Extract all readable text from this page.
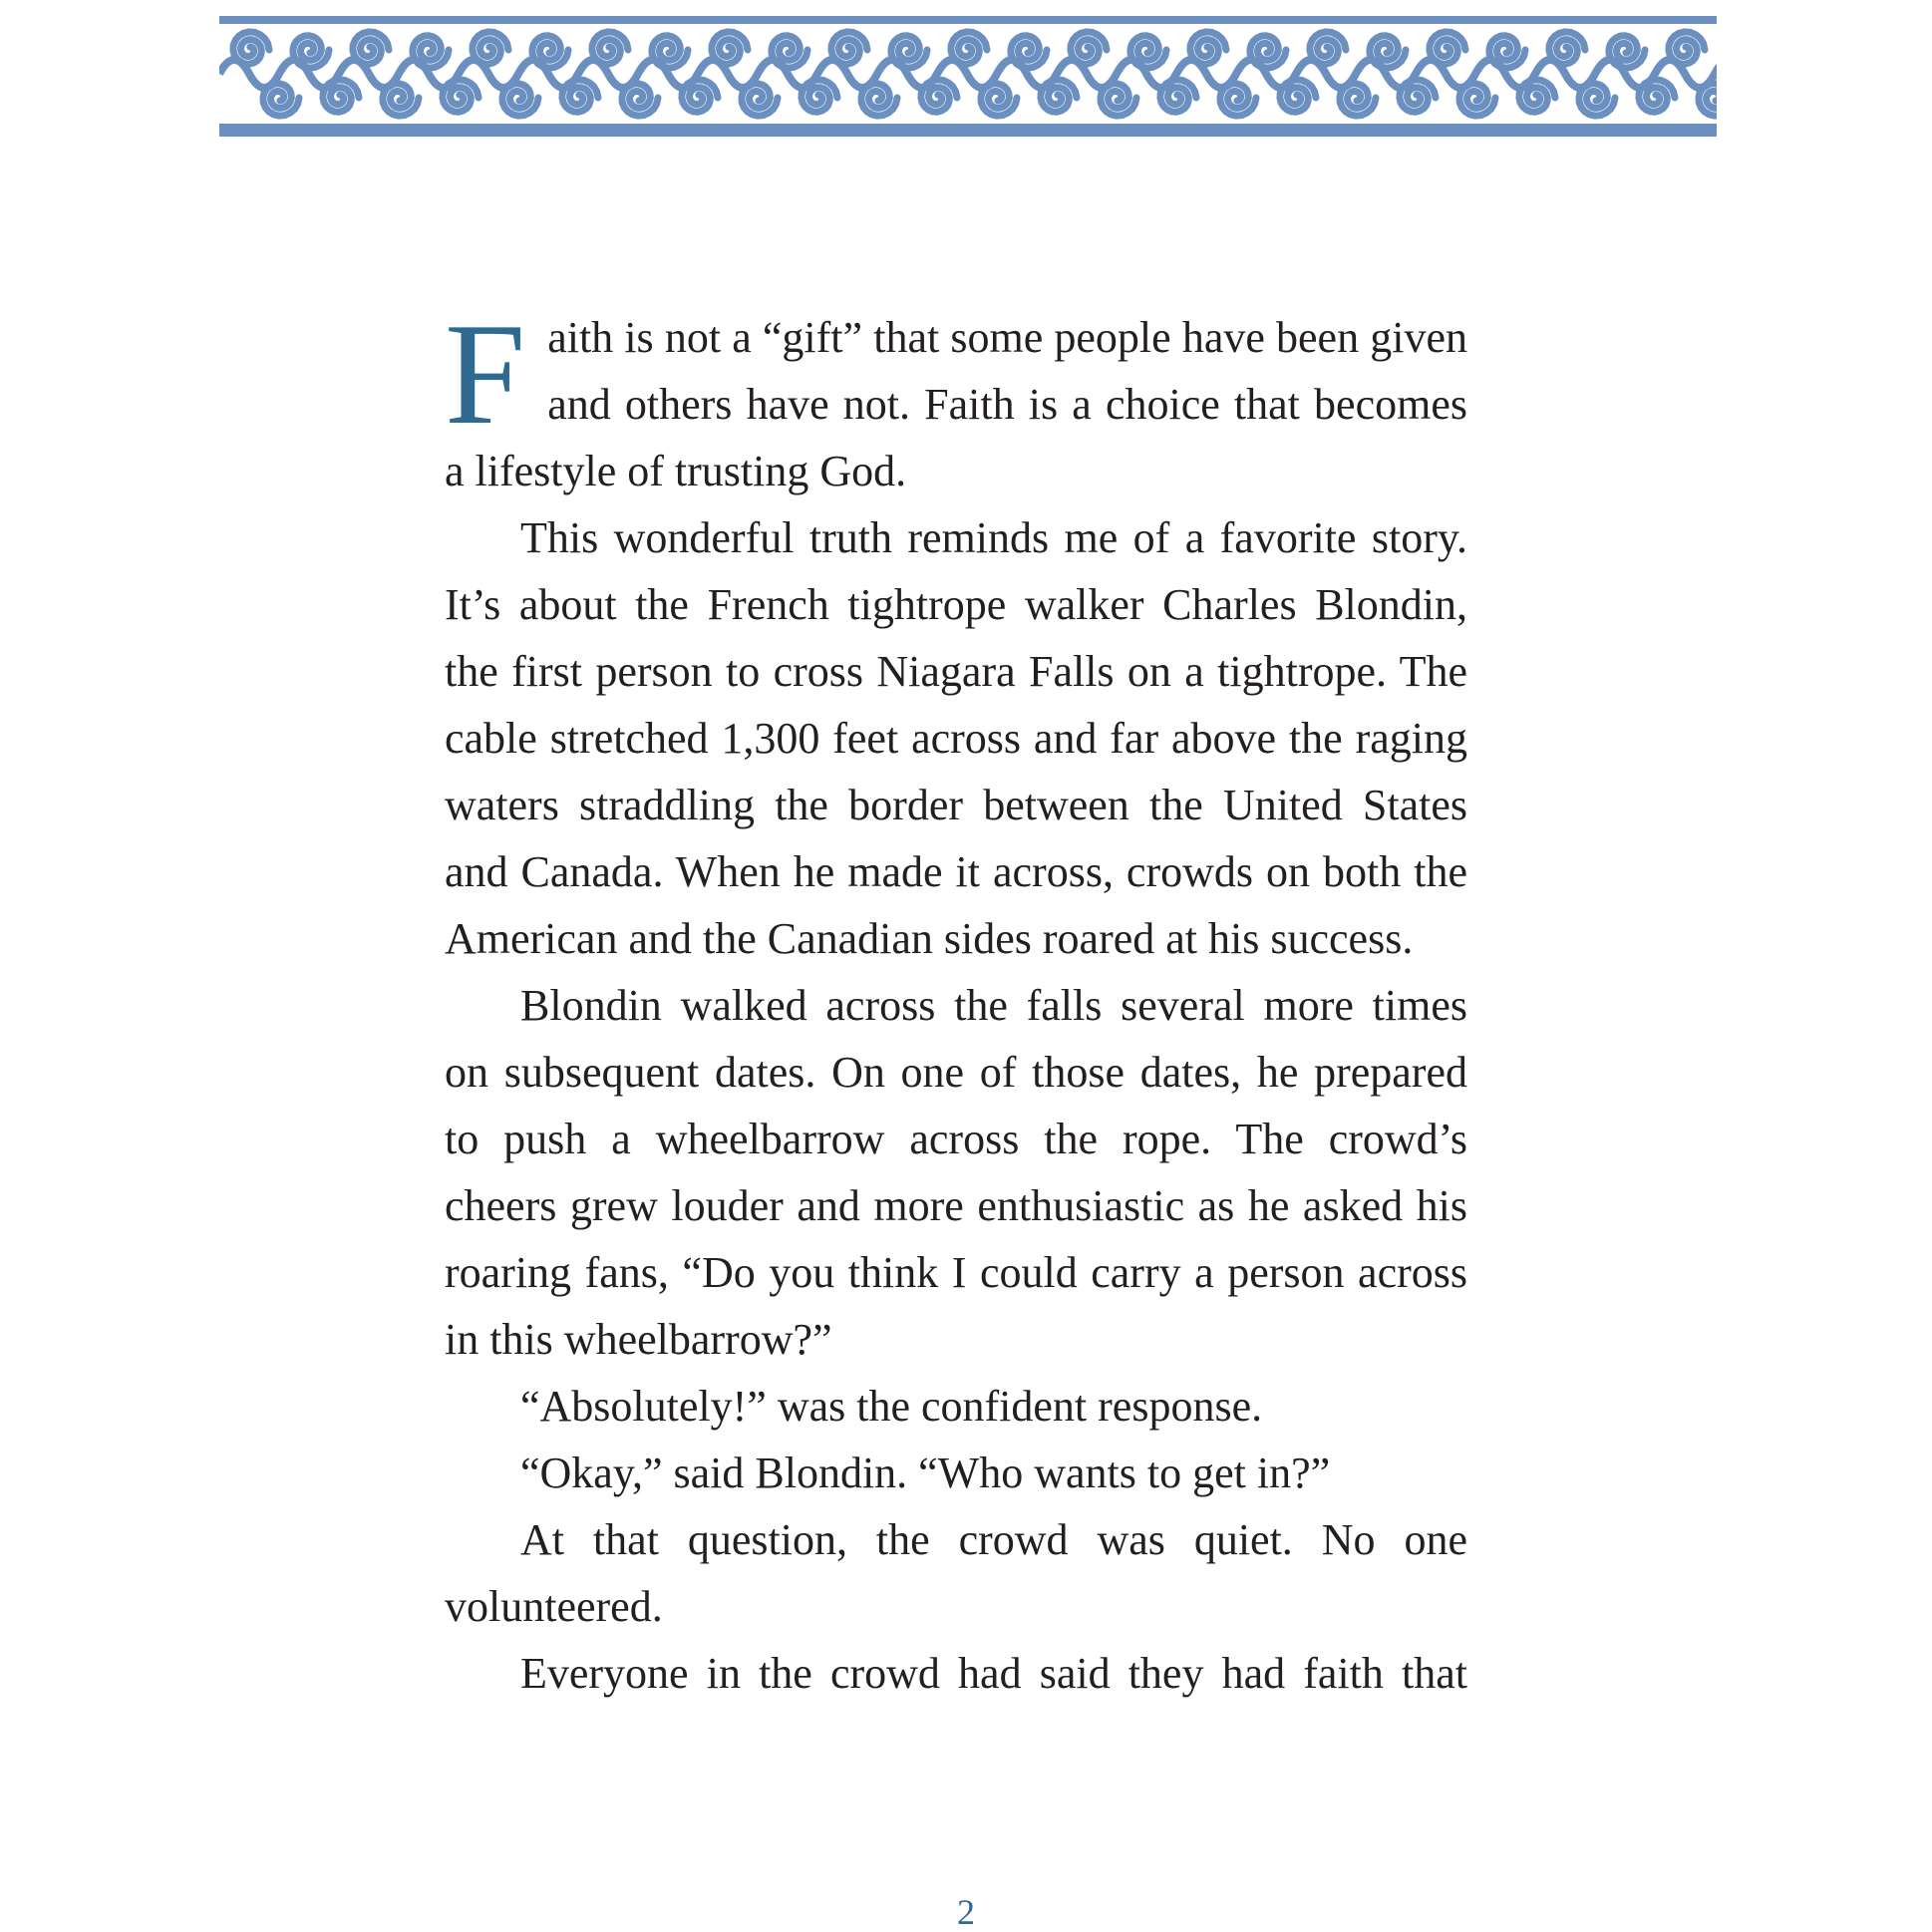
Faith is not a “gift” that some people have been given and others have not. Faith is a choice that becomes a lifestyle of trusting God.

This wonderful truth reminds me of a favorite story. It’s about the French tightrope walker Charles Blondin, the first person to cross Niagara Falls on a tightrope. The cable stretched 1,300 feet across and far above the raging waters straddling the border between the United States and Canada. When he made it across, crowds on both the American and the Canadian sides roared at his success.

Blondin walked across the falls several more times on subsequent dates. On one of those dates, he prepared to push a wheelbarrow across the rope. The crowd’s cheers grew louder and more enthusiastic as he asked his roaring fans, “Do you think I could carry a person across in this wheelbarrow?”

“Absolutely!” was the confident response.

“Okay,” said Blondin. “Who wants to get in?”

At that question, the crowd was quiet. No one volunteered.

Everyone in the crowd had said they had faith that

2
